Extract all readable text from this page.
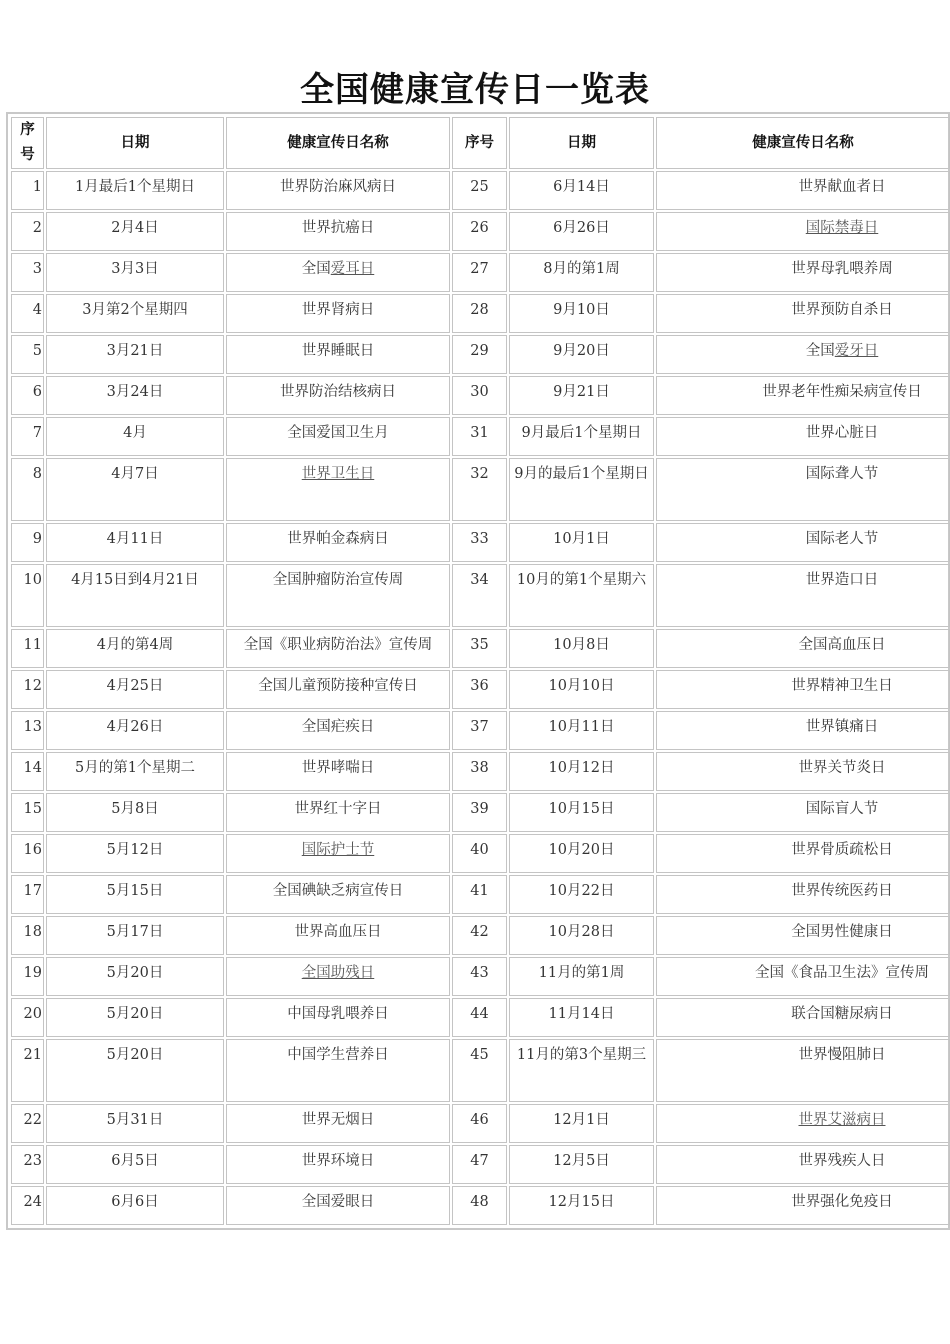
全国健康宣传日一览表
序号	日期	健康宣传日名称	序号	日期	健康宣传日名称
1	1月最后1个星期日	世界防治麻风病日	25	6月14日	世界献血者日
2	2月4日	世界抗癌日	26	6月26日	国际禁毒日
3	3月3日	全国爱耳日	27	8月的第1周	世界母乳喂养周
4	3月第2个星期四	世界肾病日	28	9月10日	世界预防自杀日
5	3月21日	世界睡眠日	29	9月20日	全国爱牙日
6	3月24日	世界防治结核病日	30	9月21日	世界老年性痴呆病宣传日
7	4月	全国爱国卫生月	31	9月最后1个星期日	世界心脏日
8	4月7日	世界卫生日	32	9月的最后1个星期日	国际聋人节
9	4月11日	世界帕金森病日	33	10月1日	国际老人节
10	4月15日到4月21日	全国肿瘤防治宣传周	34	10月的第1个星期六	世界造口日
11	4月的第4周	全国《职业病防治法》宣传周	35	10月8日	全国高血压日
12	4月25日	全国儿童预防接种宣传日	36	10月10日	世界精神卫生日
13	4月26日	全国疟疾日	37	10月11日	世界镇痛日
14	5月的第1个星期二	世界哮喘日	38	10月12日	世界关节炎日
15	5月8日	世界红十字日	39	10月15日	国际盲人节
16	5月12日	国际护士节	40	10月20日	世界骨质疏松日
17	5月15日	全国碘缺乏病宣传日	41	10月22日	世界传统医药日
18	5月17日	世界高血压日	42	10月28日	全国男性健康日
19	5月20日	全国助残日	43	11月的第1周	全国《食品卫生法》宣传周
20	5月20日	中国母乳喂养日	44	11月14日	联合国糖尿病日
21	5月20日	中国学生营养日	45	11月的第3个星期三	世界慢阻肺日
22	5月31日	世界无烟日	46	12月1日	世界艾滋病日
23	6月5日	世界环境日	47	12月5日	世界残疾人日
24	6月6日	全国爱眼日	48	12月15日	世界强化免疫日
